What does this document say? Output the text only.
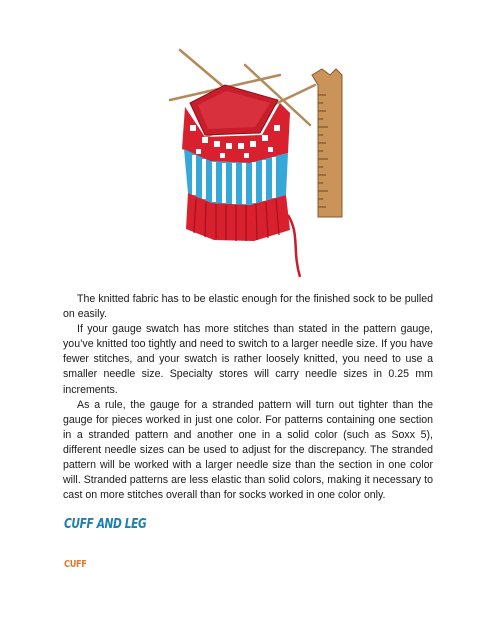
The knitted fabric has to be elastic enough for the finished sock to be pulled on easily.

If your gauge swatch has more stitches than stated in the pattern gauge, you’ve knitted too tightly and need to switch to a larger needle size. If you have fewer stitches, and your swatch is rather loosely knitted, you need to use a smaller needle size. Specialty stores will carry needle sizes in 0.25 mm increments.

As a rule, the gauge for a stranded pattern will turn out tighter than the gauge for pieces worked in just one color. For patterns containing one section in a stranded pattern and another one in a solid color (such as Soxx 5), different needle sizes can be used to adjust for the discrepancy. The stranded pattern will be worked with a larger needle size than the section in one color will. Stranded patterns are less elastic than solid colors, making it necessary to cast on more stitches overall than for socks worked in one color only.

CUFF AND LEG
CUFF
